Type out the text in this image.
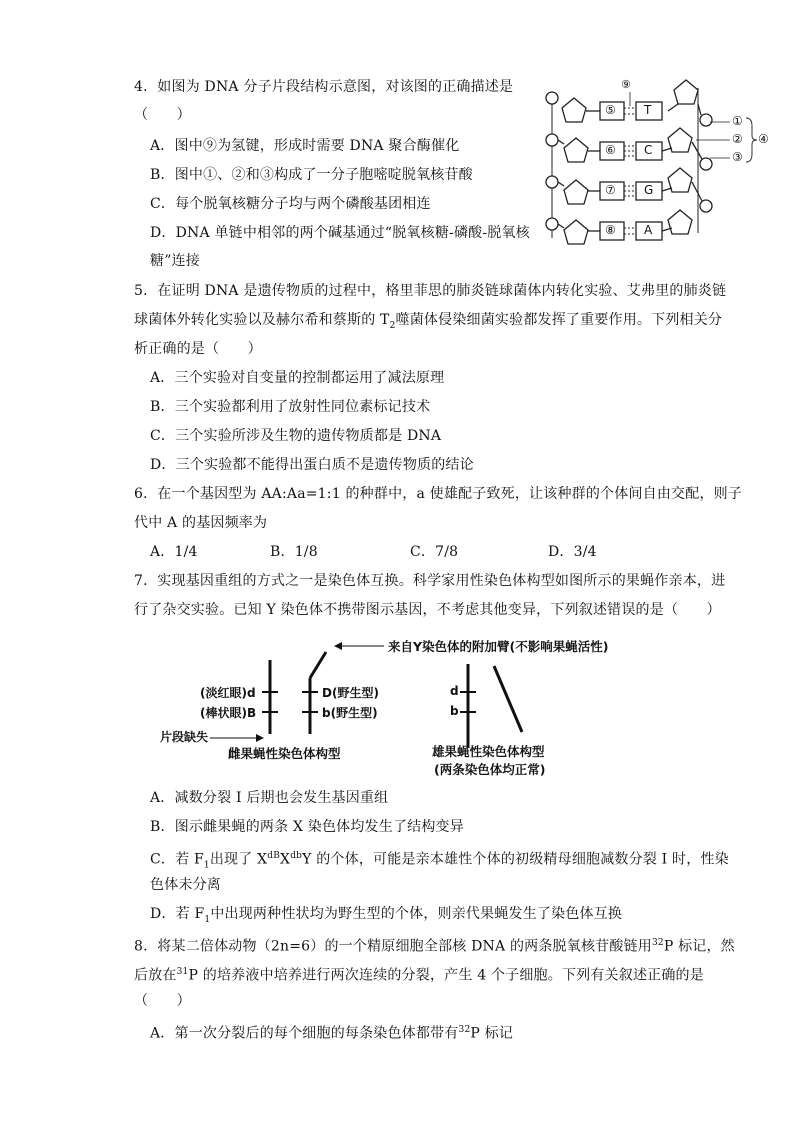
4．如图为 DNA 分子片段结构示意图，对该图的正确描述是
（　　）
A．图中⑨为氢键，形成时需要 DNA 聚合酶催化
B．图中①、②和③构成了一分子胞嘧啶脱氧核苷酸
C．每个脱氧核糖分子均与两个磷酸基团相连
D．DNA 单链中相邻的两个碱基通过“脱氧核糖-磷酸-脱氧核
糖”连接
⑨
⑤ T
⑥ C
⑦ G
⑧ A
①
②
③
④
5．在证明 DNA 是遗传物质的过程中，格里菲思的肺炎链球菌体内转化实验、艾弗里的肺炎链
球菌体外转化实验以及赫尔希和蔡斯的 $T_2$噬菌体侵染细菌实验都发挥了重要作用。下列相关分
析正确的是（　　）
A．三个实验对自变量的控制都运用了减法原理
B．三个实验都利用了放射性同位素标记技术
C．三个实验所涉及生物的遗传物质都是 DNA
D．三个实验都不能得出蛋白质不是遗传物质的结论
6．在一个基因型为 AA:Aa=1:1 的种群中，a 使雄配子致死，让该种群的个体间自由交配，则子
代中 A 的基因频率为
A．1/4	B．1/8	C．7/8	D．3/4
7．实现基因重组的方式之一是染色体互换。科学家用性染色体构型如图所示的果蝇作亲本，进
行了杂交实验。已知 Y 染色体不携带图示基因，不考虑其他变异，下列叙述错误的是（　　）
来自Y染色体的附加臂(不影响果蝇活性)
(淡红眼)d
(棒状眼)B
D(野生型)
b(野生型)
片段缺失
雌果蝇性染色体构型
d
b
雄果蝇性染色体构型
(两条染色体均正常)
A．减数分裂 I 后期也会发生基因重组
B．图示雌果蝇的两条 X 染色体均发生了结构变异
C．若 $F_1$出现了 $X^{dB}X^{db}Y$ 的个体，可能是亲本雄性个体的初级精母细胞减数分裂 I 时，性染
色体未分离
D．若 $F_1$中出现两种性状均为野生型的个体，则亲代果蝇发生了染色体互换
8．将某二倍体动物（2n=6）的一个精原细胞全部核 DNA 的两条脱氧核苷酸链用$^{32}$P 标记，然
后放在$^{31}$P 的培养液中培养进行两次连续的分裂，产生 4 个子细胞。下列有关叙述正确的是
（　　）
A．第一次分裂后的每个细胞的每条染色体都带有$^{32}$P 标记
